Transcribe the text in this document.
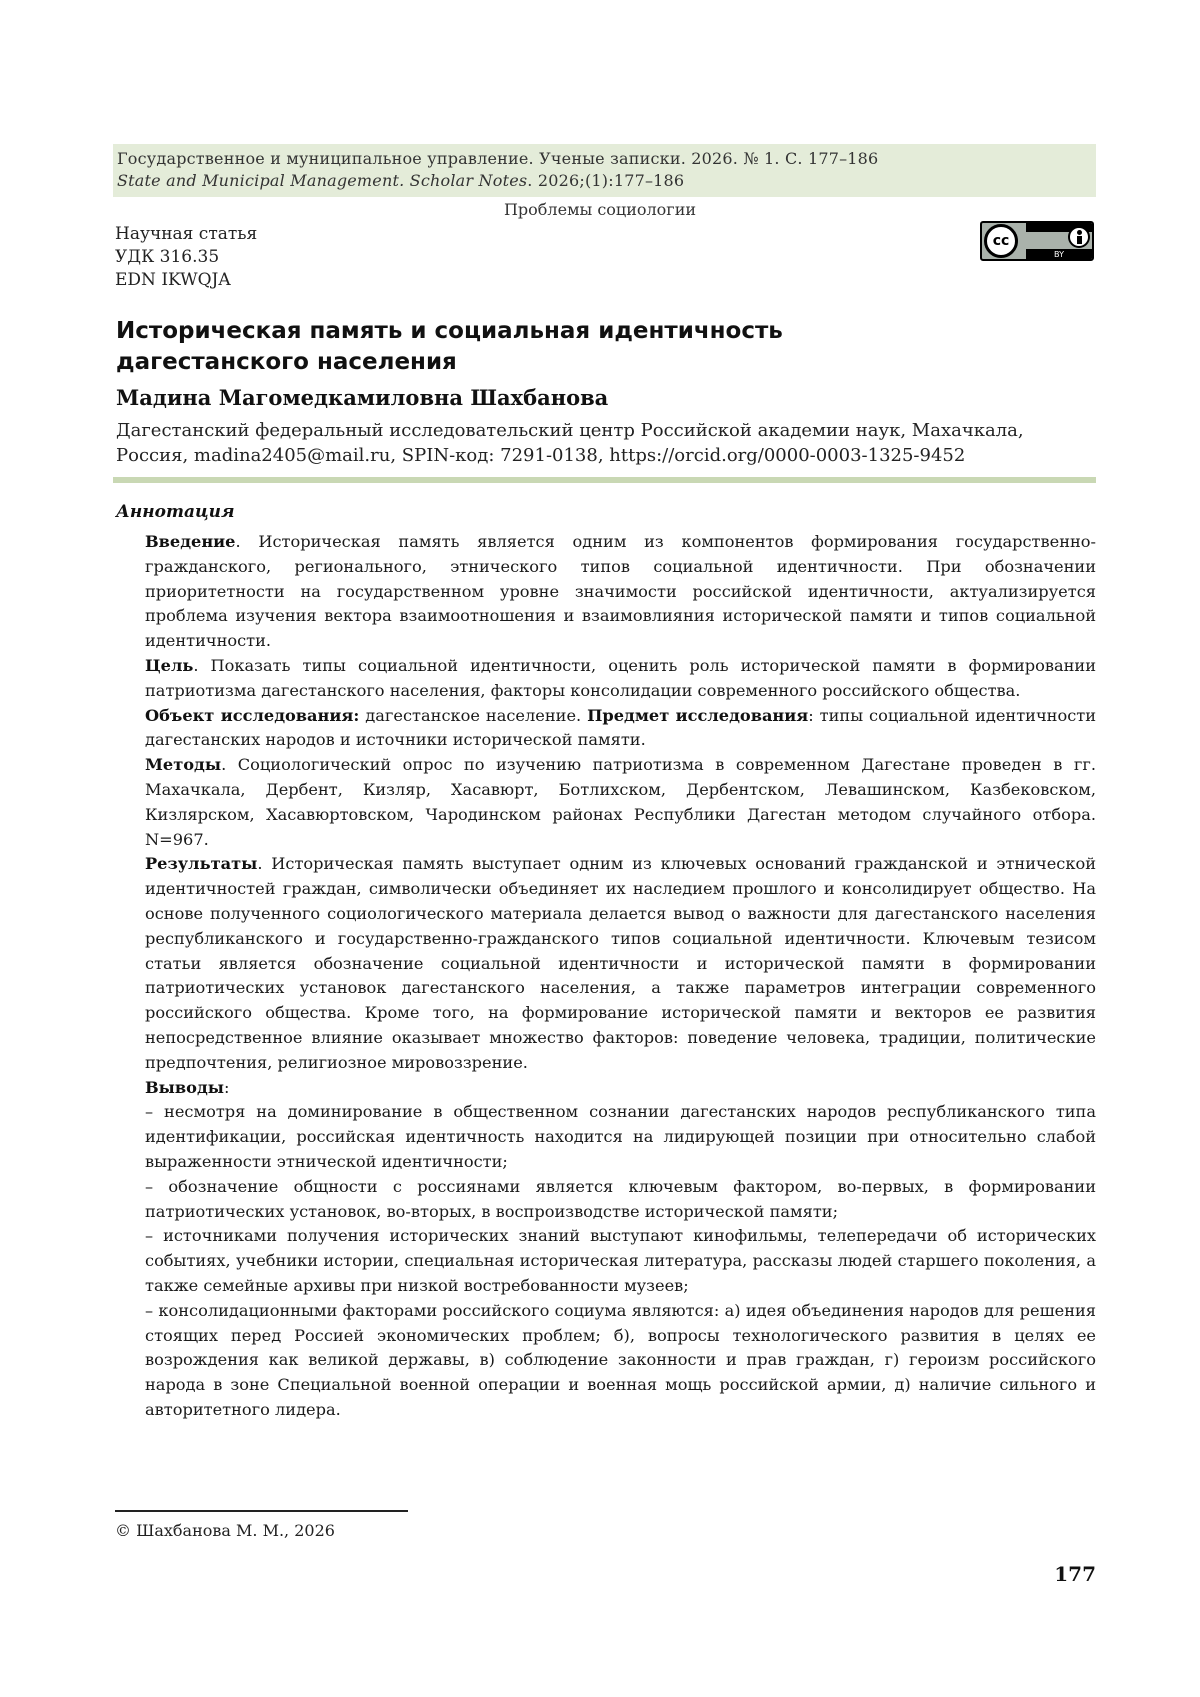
Государственное и муниципальное управление. Ученые записки. 2026. № 1. С. 177–186
State and Municipal Management. Scholar Notes. 2026;(1):177–186
Проблемы социологии
Научная статья
УДК 316.35
EDN IKWQJA
cc
BY
Историческая память и социальная идентичность
дагестанского населения
Мадина Магомедкамиловна Шахбанова
Дагестанский федеральный исследовательский центр Российской академии наук, Махачкала,
Россия, madina2405@mail.ru, SPIN-код: 7291-0138, https://orcid.org/0000-0003-1325-9452
Аннотация

Введение. Историческая память является одним из компонентов формирования государственно-гражданского, регионального, этнического типов социальной идентичности. При обозначении приоритетности на государственном уровне значимости российской идентичности, актуализируется проблема изучения вектора взаимоотношения и взаимовлияния исторической памяти и типов социальной идентичности.

Цель. Показать типы социальной идентичности, оценить роль исторической памяти в формировании патриотизма дагестанского населения, факторы консолидации современного российского общества.

Объект исследования: дагестанское население. Предмет исследования: типы социальной идентичности дагестанских народов и источники исторической памяти.

Методы. Социологический опрос по изучению патриотизма в современном Дагестане проведен в гг. Махачкала, Дербент, Кизляр, Хасавюрт, Ботлихском, Дербентском, Левашинском, Казбековском, Кизлярском, Хасавюртовском, Чародинском районах Республики Дагестан методом случайного отбора. N=967.

Результаты. Историческая память выступает одним из ключевых оснований гражданской и этнической идентичностей граждан, символически объединяет их наследием прошлого и консолидирует общество. На основе полученного социологического материала делается вывод о важности для дагестанского населения республиканского и государственно-гражданского типов социальной идентичности. Ключевым тезисом статьи является обозначение социальной идентичности и исторической памяти в формировании патриотических установок дагестанского населения, а также параметров интеграции современного российского общества. Кроме того, на формирование исторической памяти и векторов ее развития непосредственное влияние оказывает множество факторов: поведение человека, традиции, политические предпочтения, религиозное мировоззрение.

Выводы:

– несмотря на доминирование в общественном сознании дагестанских народов республиканского типа идентификации, российская идентичность находится на лидирующей позиции при относительно слабой выраженности этнической идентичности;

– обозначение общности с россиянами является ключевым фактором, во-первых, в формировании патриотических установок, во-вторых, в воспроизводстве исторической памяти;

– источниками получения исторических знаний выступают кинофильмы, телепередачи об исторических событиях, учебники истории, специальная историческая литература, рассказы людей старшего поколения, а также семейные архивы при низкой востребованности музеев;

– консолидационными факторами российского социума являются: а) идея объединения народов для решения стоящих перед Россией экономических проблем; б), вопросы технологического развития в целях ее возрождения как великой державы, в) соблюдение законности и прав граждан, г) героизм российского народа в зоне Специальной военной операции и военная мощь российской армии, д) наличие сильного и авторитетного лидера.

© Шахбанова М. М., 2026
177
